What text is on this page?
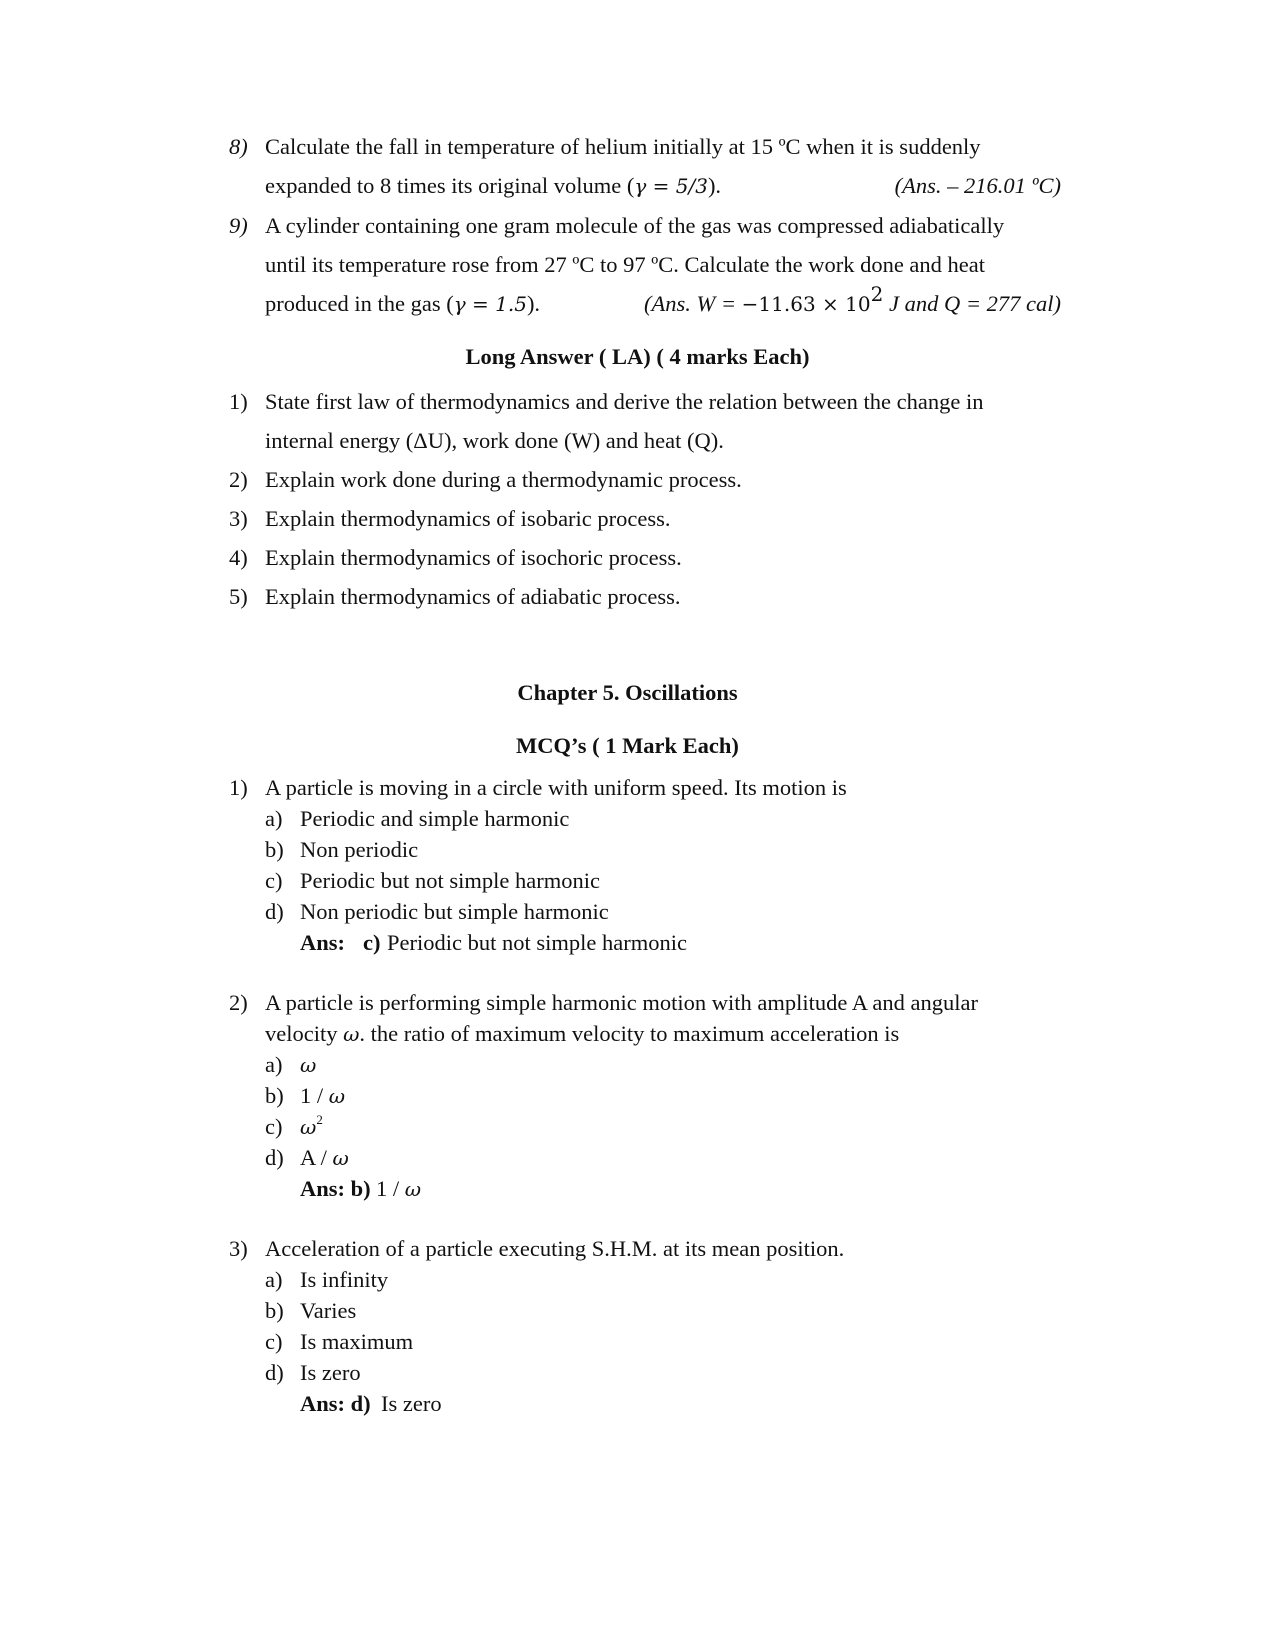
8) Calculate the fall in temperature of helium initially at 15 ºC when it is suddenly
expanded to 8 times its original volume (γ = 5/3).	(Ans. – 216.01 ºC)
9) A cylinder containing one gram molecule of the gas was compressed adiabatically
until its temperature rose from 27 ºC to 97 ºC. Calculate the work done and heat
produced in the gas (γ = 1.5).	(Ans. $W = -11.63 \times 10^2$ J and Q = 277 cal)
Long Answer ( LA) ( 4 marks Each)
1) State first law of thermodynamics and derive the relation between the change in
internal energy (ΔU), work done (W) and heat (Q).
2) Explain work done during a thermodynamic process.
3) Explain thermodynamics of isobaric process.
4) Explain thermodynamics of isochoric process.
5) Explain thermodynamics of adiabatic process.
Chapter 5. Oscillations
MCQ’s ( 1 Mark Each)
1) A particle is moving in a circle with uniform speed. Its motion is
a) Periodic and simple harmonic
b) Non periodic
c) Periodic but not simple harmonic
d) Non periodic but simple harmonic
Ans: c) Periodic but not simple harmonic
2) A particle is performing simple harmonic motion with amplitude A and angular
velocity ω. the ratio of maximum velocity to maximum acceleration is
a) ω
b) 1 / ω
c) $\omega^2$
d) A / ω
Ans: b) 1 / ω
3) Acceleration of a particle executing S.H.M. at its mean position.
a) Is infinity
b) Varies
c) Is maximum
d) Is zero
Ans: d) Is zero
